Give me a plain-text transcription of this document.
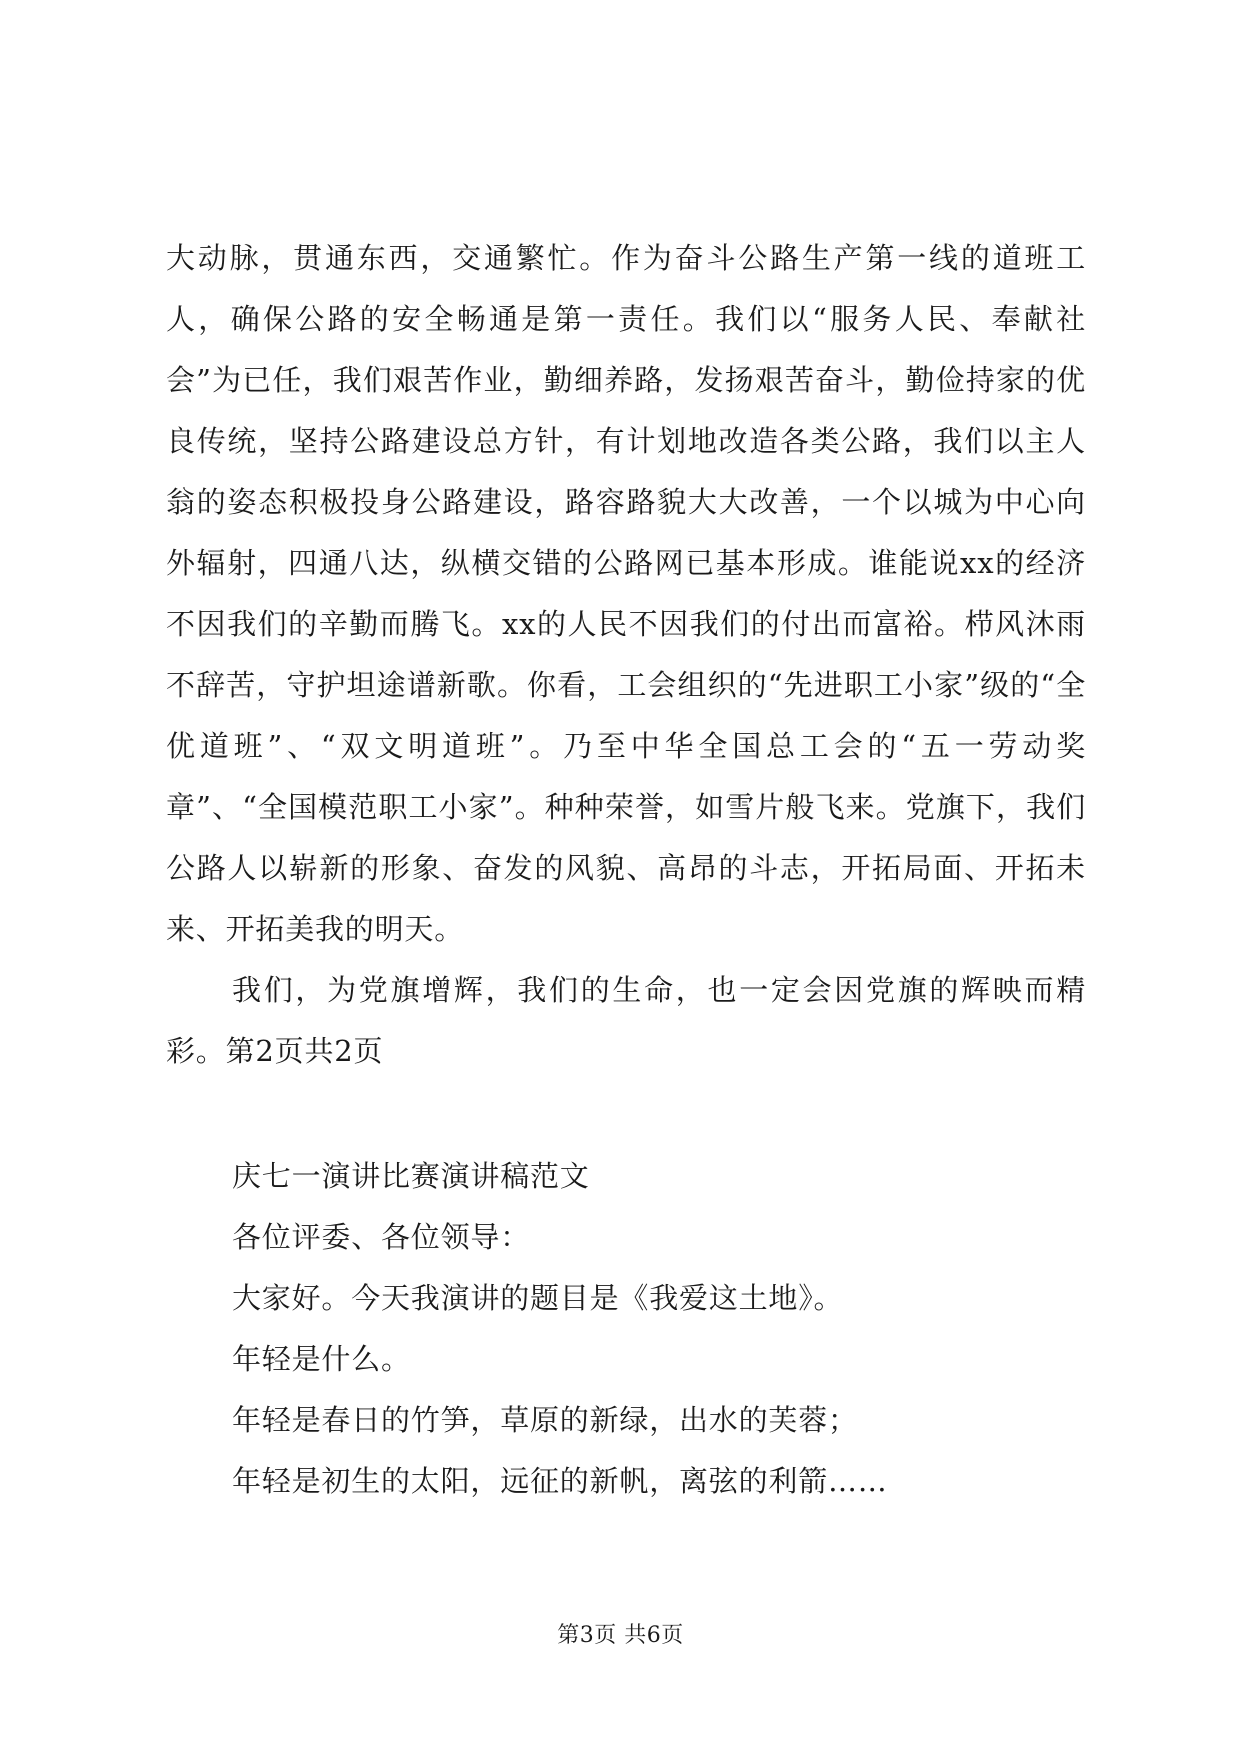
大动脉，贯通东西，交通繁忙。作为奋斗公路生产第一线的道班工人，确保公路的安全畅通是第一责任。我们以“服务人民、奉献社会”为已任，我们艰苦作业，勤细养路，发扬艰苦奋斗，勤俭持家的优良传统，坚持公路建设总方针，有计划地改造各类公路，我们以主人翁的姿态积极投身公路建设，路容路貌大大改善，一个以城为中心向外辐射，四通八达，纵横交错的公路网已基本形成。谁能说xx的经济不因我们的辛勤而腾飞。xx的人民不因我们的付出而富裕。栉风沐雨不辞苦，守护坦途谱新歌。你看，工会组织的“先进职工小家”级的“全优道班”、“双文明道班”。乃至中华全国总工会的“五一劳动奖章”、“全国模范职工小家”。种种荣誉，如雪片般飞来。党旗下，我们公路人以崭新的形象、奋发的风貌、高昂的斗志，开拓局面、开拓未来、开拓美我的明天。

我们，为党旗增辉，我们的生命，也一定会因党旗的辉映而精彩。第2页共2页

庆七一演讲比赛演讲稿范文
各位评委、各位领导：
大家好。今天我演讲的题目是《我爱这土地》。
年轻是什么。
年轻是春日的竹笋，草原的新绿，出水的芙蓉；
年轻是初生的太阳，远征的新帆，离弦的利箭……
第3页 共6页
